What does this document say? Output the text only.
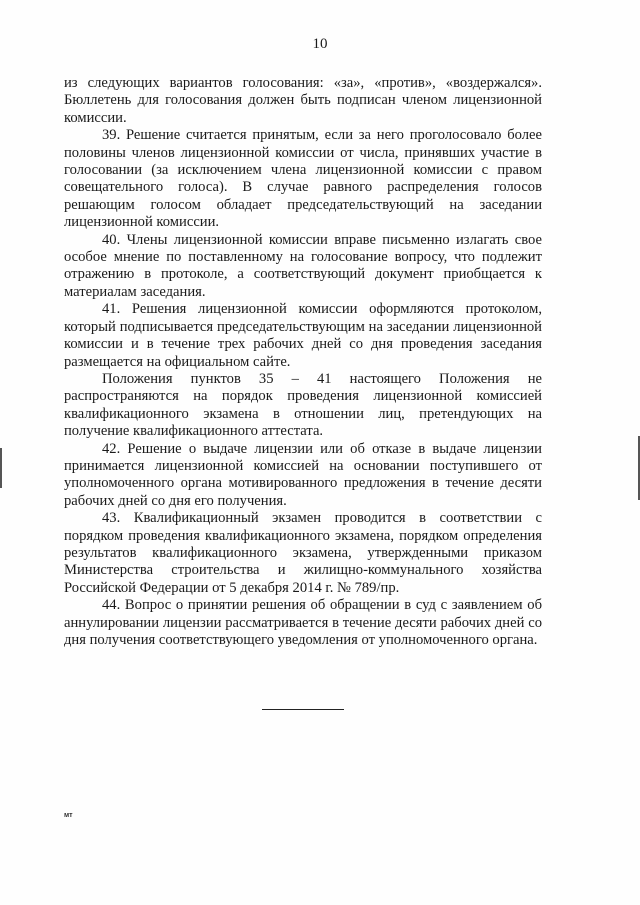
10

из следующих вариантов голосования: «за», «против», «воздержался». Бюллетень для голосования должен быть подписан членом лицензионной комиссии.

39. Решение считается принятым, если за него проголосовало более половины членов лицензионной комиссии от числа, принявших участие в голосовании (за исключением члена лицензионной комиссии с правом совещательного голоса). В случае равного распределения голосов решающим голосом обладает председательствующий на заседании лицензионной комиссии.

40. Члены лицензионной комиссии вправе письменно излагать свое особое мнение по поставленному на голосование вопросу, что подлежит отражению в протоколе, а соответствующий документ приобщается к материалам заседания.

41. Решения лицензионной комиссии оформляются протоколом, который подписывается председательствующим на заседании лицензионной комиссии и в течение трех рабочих дней со дня проведения заседания размещается на официальном сайте.

Положения пунктов 35 – 41 настоящего Положения не распространяются на порядок проведения лицензионной комиссией квалификационного экзамена в отношении лиц, претендующих на получение квалификационного аттестата.

42. Решение о выдаче лицензии или об отказе в выдаче лицензии принимается лицензионной комиссией на основании поступившего от уполномоченного органа мотивированного предложения в течение десяти рабочих дней со дня его получения.

43. Квалификационный экзамен проводится в соответствии с порядком проведения квалификационного экзамена, порядком определения результатов квалификационного экзамена, утвержденными приказом Министерства строительства и жилищно-коммунального хозяйства Российской Федерации от 5 декабря 2014 г. № 789/пр.

44. Вопрос о принятии решения об обращении в суд с заявлением об аннулировании лицензии рассматривается в течение десяти рабочих дней со дня получения соответствующего уведомления от уполномоченного органа.

мт
